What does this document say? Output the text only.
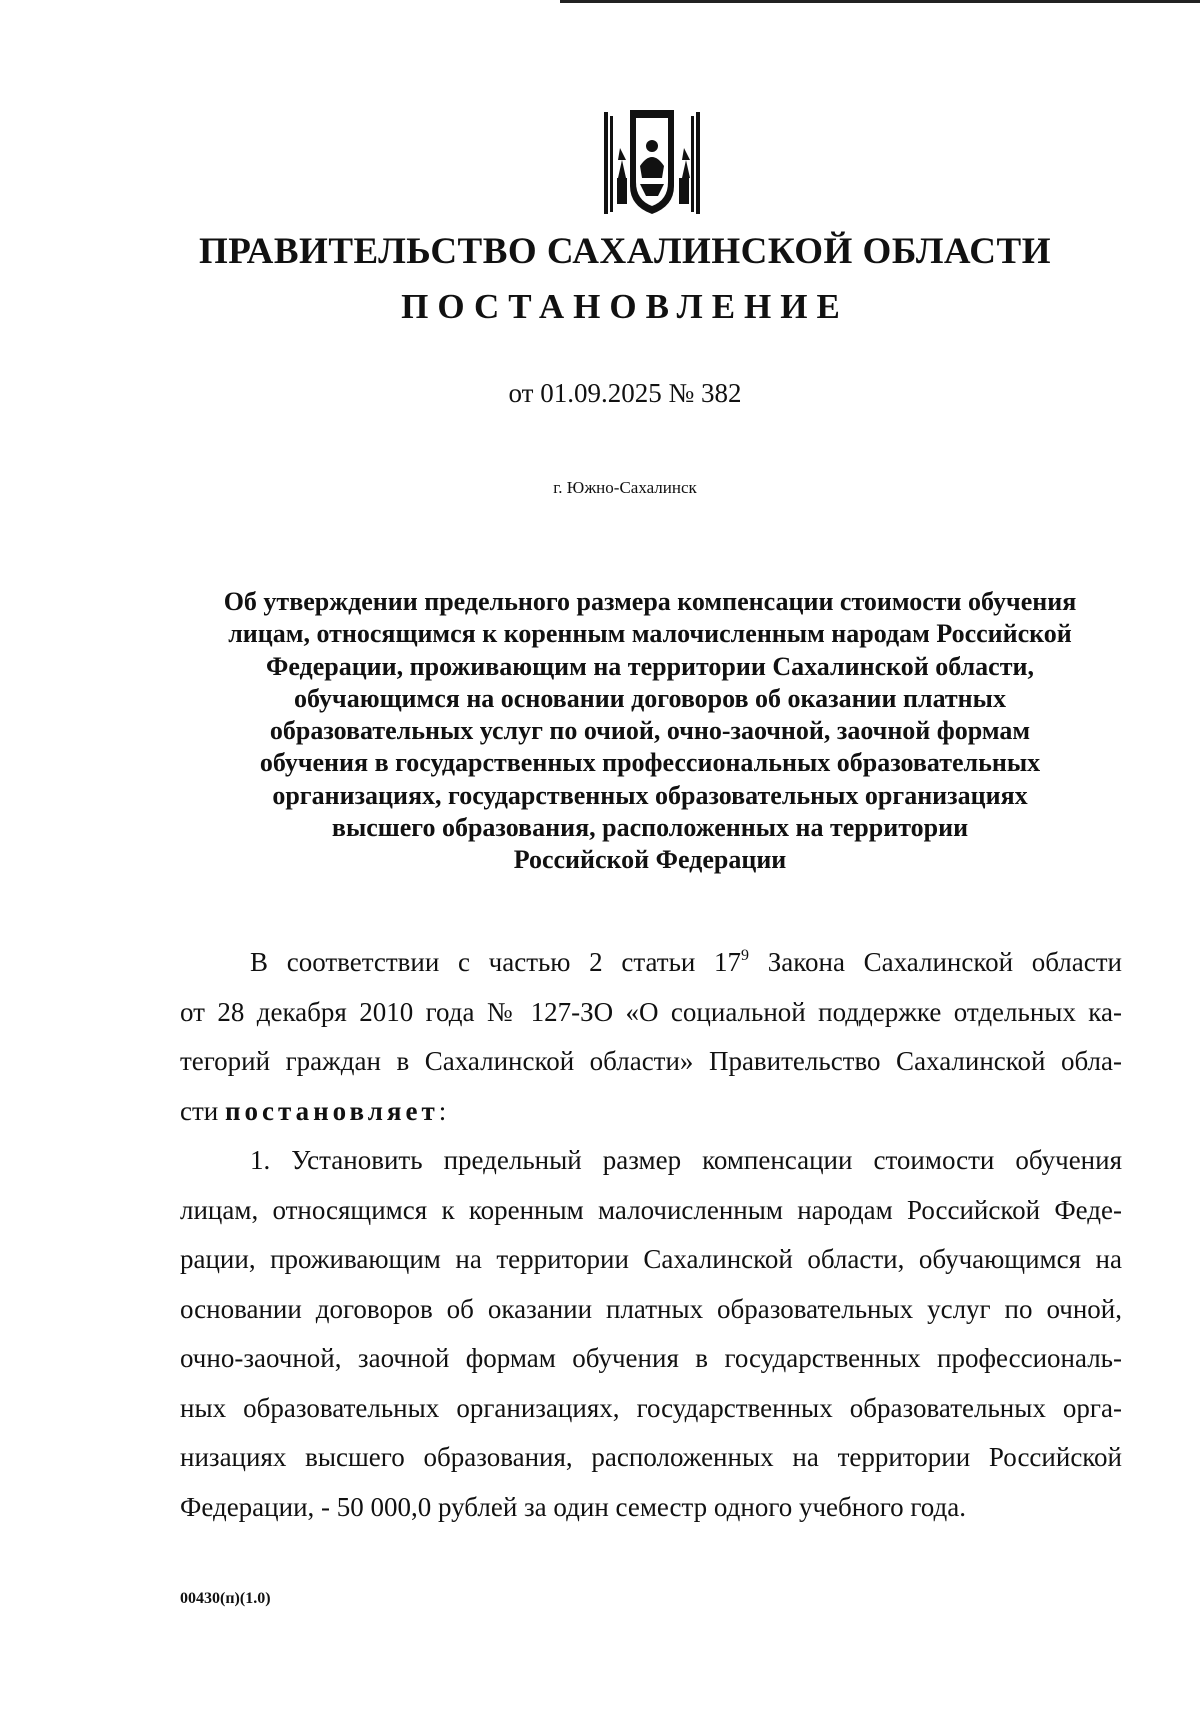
ПРАВИТЕЛЬСТВО САХАЛИНСКОЙ ОБЛАСТИ
ПОСТАНОВЛЕНИЕ
от 01.09.2025 № 382
г. Южно-Сахалинск
Об утверждении предельного размера компенсации стоимости обучения
лицам, относящимся к коренным малочисленным народам Российской
Федерации, проживающим на территории Сахалинской области,
обучающимся на основании договоров об оказании платных
образовательных услуг по очиой, очно-заочной, заочной формам
обучения в государственных профессиональных образовательных
организациях, государственных образовательных организациях
высшего образования, расположенных на территории
Российской Федерации
В соответствии с частью 2 статьи $17^9$ Закона Сахалинской области
от 28 декабря 2010 года № 127-ЗО «О социальной поддержке отдельных ка-
тегорий граждан в Сахалинской области» Правительство Сахалинской обла-
сти постановляет:
1. Установить предельный размер компенсации стоимости обучения
лицам, относящимся к коренным малочисленным народам Российской Феде-
рации, проживающим на территории Сахалинской области, обучающимся на
основании договоров об оказании платных образовательных услуг по очной,
очно-заочной, заочной формам обучения в государственных профессиональ-
ных образовательных организациях, государственных образовательных орга-
низациях высшего образования, расположенных на территории Российской
Федерации, - 50 000,0 рублей за один семестр одного учебного года.
00430(п)(1.0)
